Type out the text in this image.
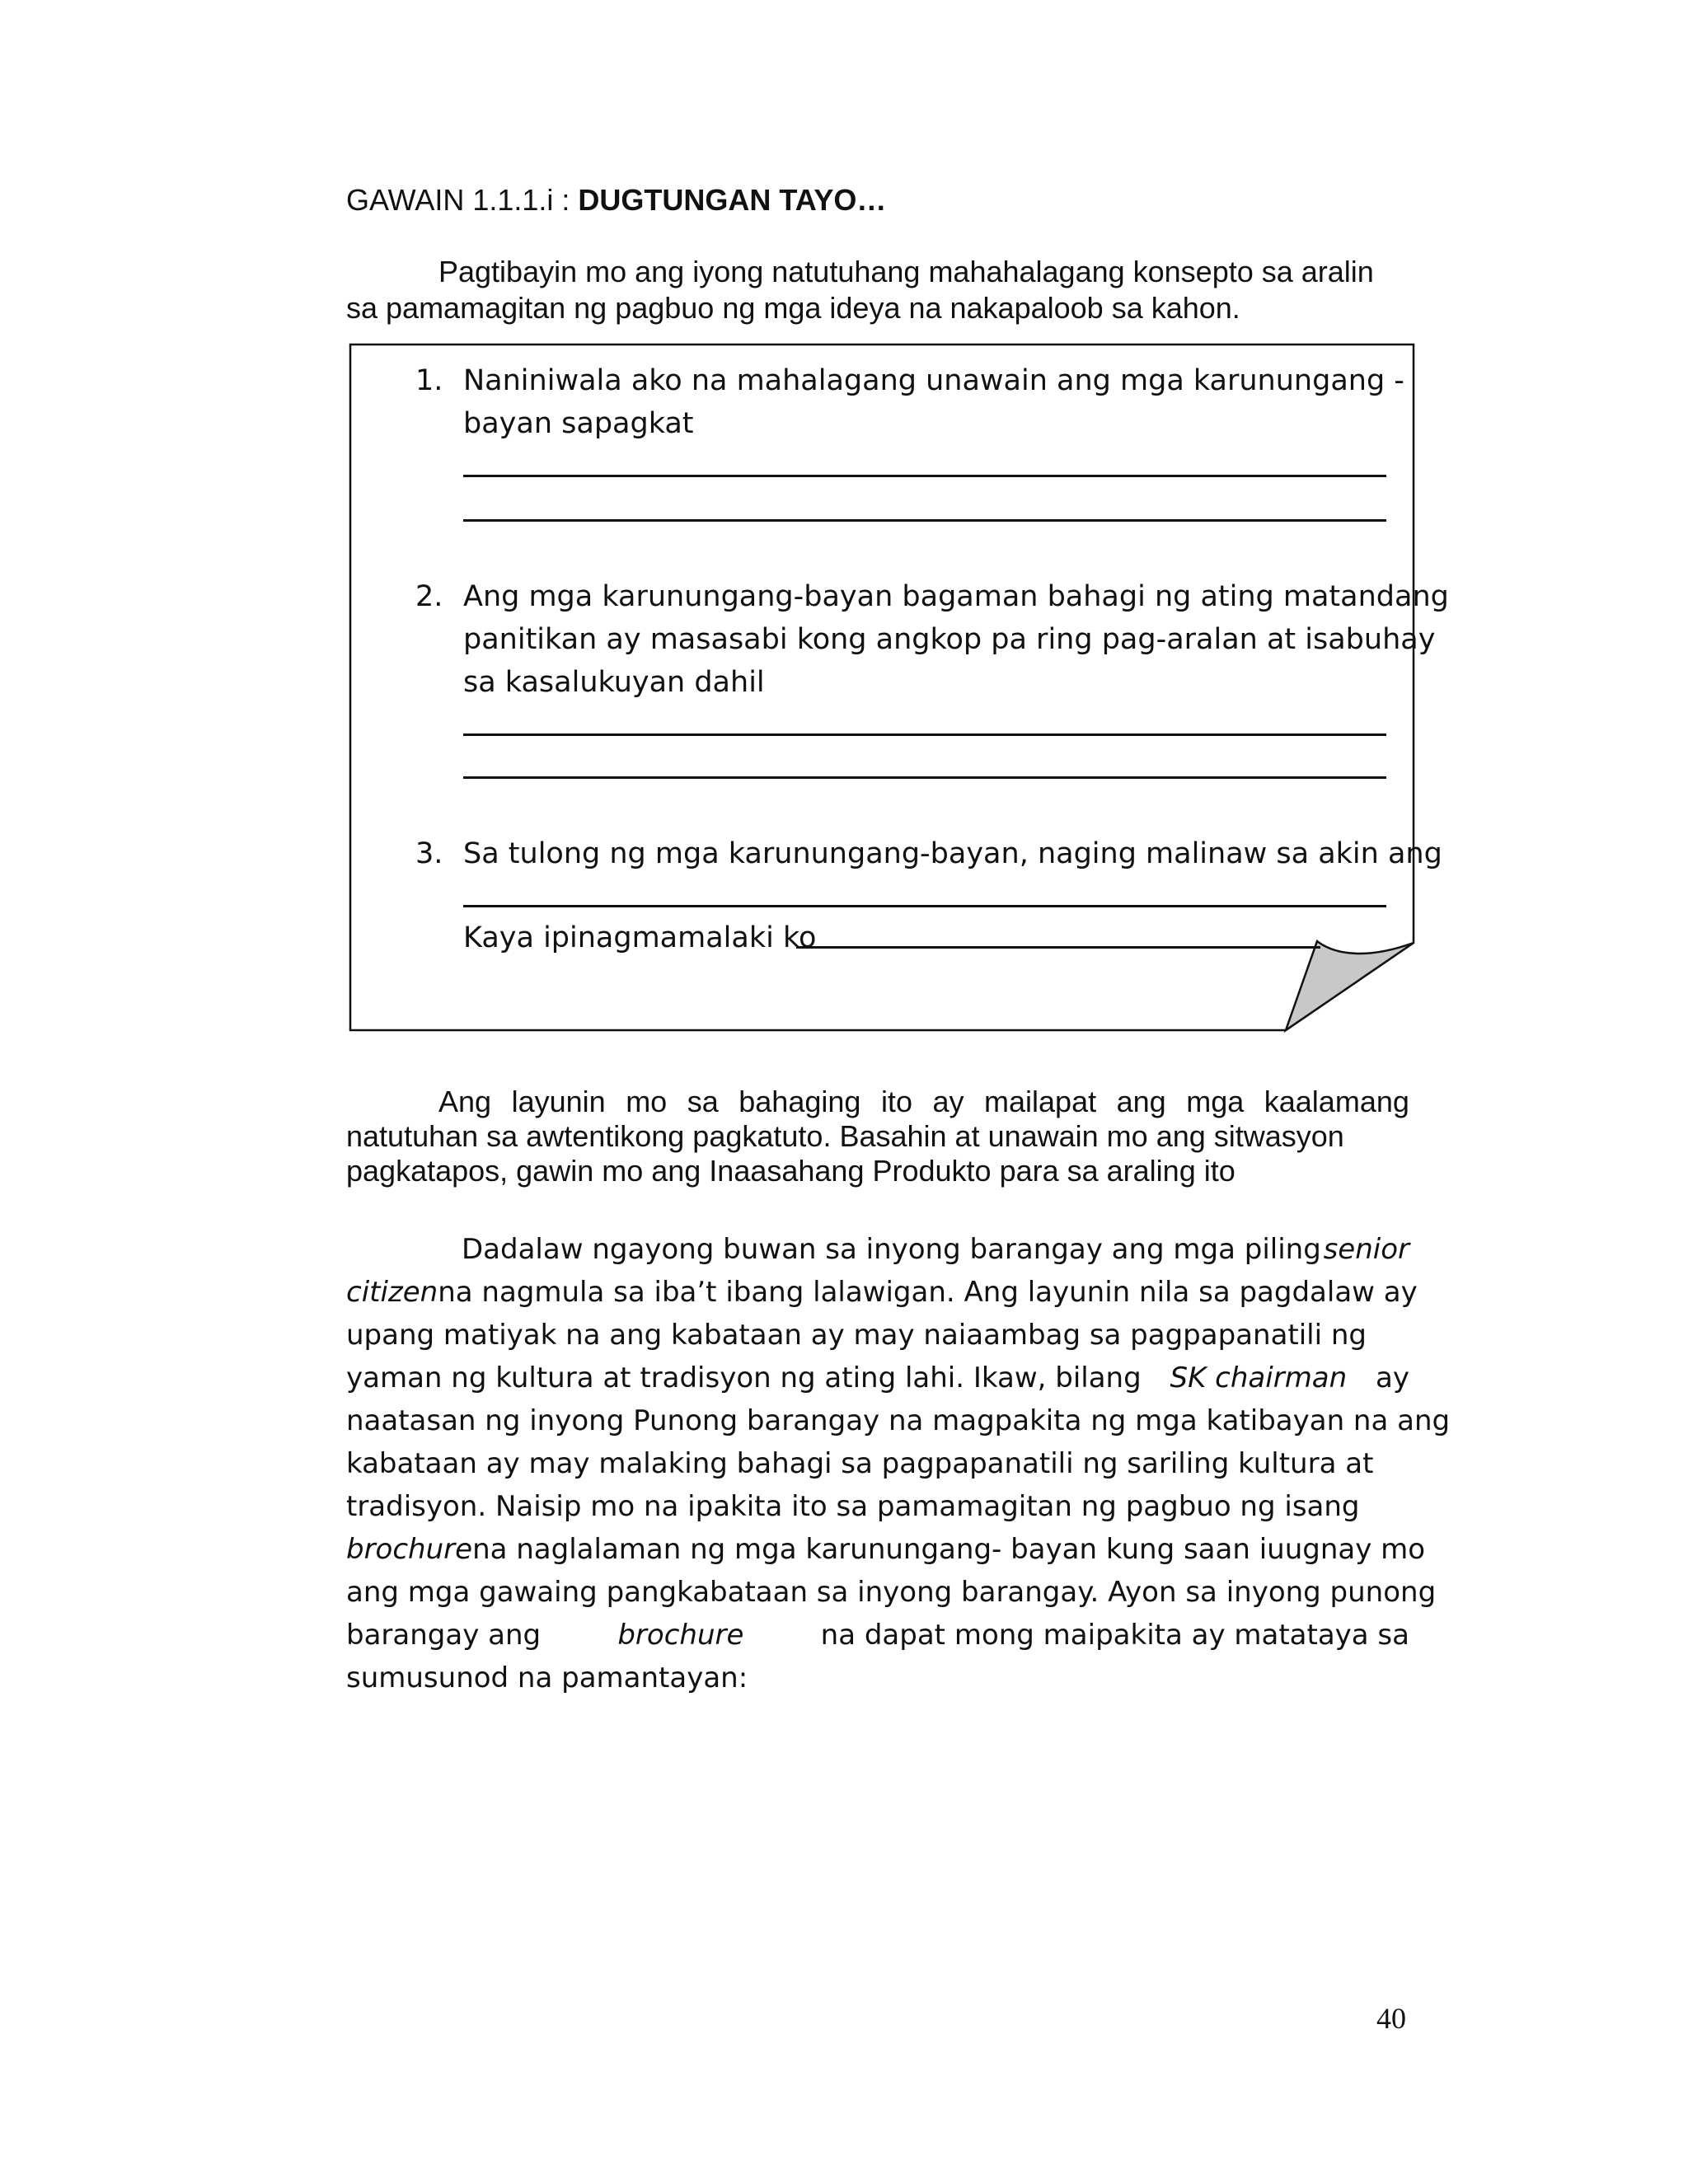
GAWAIN 1.1.1.i : DUGTUNGAN TAYO…
Pagtibayin mo ang iyong natutuhang mahahalagang konsepto sa aralin
sa pamamagitan ng pagbuo ng mga ideya na nakapaloob sa kahon.
1. Naniniwala ako na mahalagang unawain ang mga karunungang -
bayan sapagkat
2. Ang mga karunungang-bayan bagaman bahagi ng ating matandang
panitikan ay masasabi kong angkop pa ring pag-aralan at isabuhay
sa kasalukuyan dahil
3. Sa tulong ng mga karunungang-bayan, naging malinaw sa akin ang
Kaya ipinagmamalaki ko
Ang layunin mo sa bahaging ito ay mailapat ang mga kaalamang
natutuhan sa awtentikong pagkatuto. Basahin at unawain mo ang sitwasyon
pagkatapos, gawin mo ang Inaasahang Produkto para sa araling ito
Dadalaw ngayong buwan sa inyong barangay ang mga piling senior
citizen na nagmula sa iba’t ibang lalawigan. Ang layunin nila sa pagdalaw ay
upang matiyak na ang kabataan ay may naiaambag sa pagpapanatili ng
yaman ng kultura at tradisyon ng ating lahi. Ikaw, bilang SK chairman ay
naatasan ng inyong Punong barangay na magpakita ng mga katibayan na ang
kabataan ay may malaking bahagi sa pagpapanatili ng sariling kultura at
tradisyon. Naisip mo na ipakita ito sa pamamagitan ng pagbuo ng isang
brochure na naglalaman ng mga karunungang- bayan kung saan iuugnay mo
ang mga gawaing pangkabataan sa inyong barangay. Ayon sa inyong punong
barangay ang	brochure	na dapat mong maipakita ay matataya sa
sumusunod na pamantayan:
40
